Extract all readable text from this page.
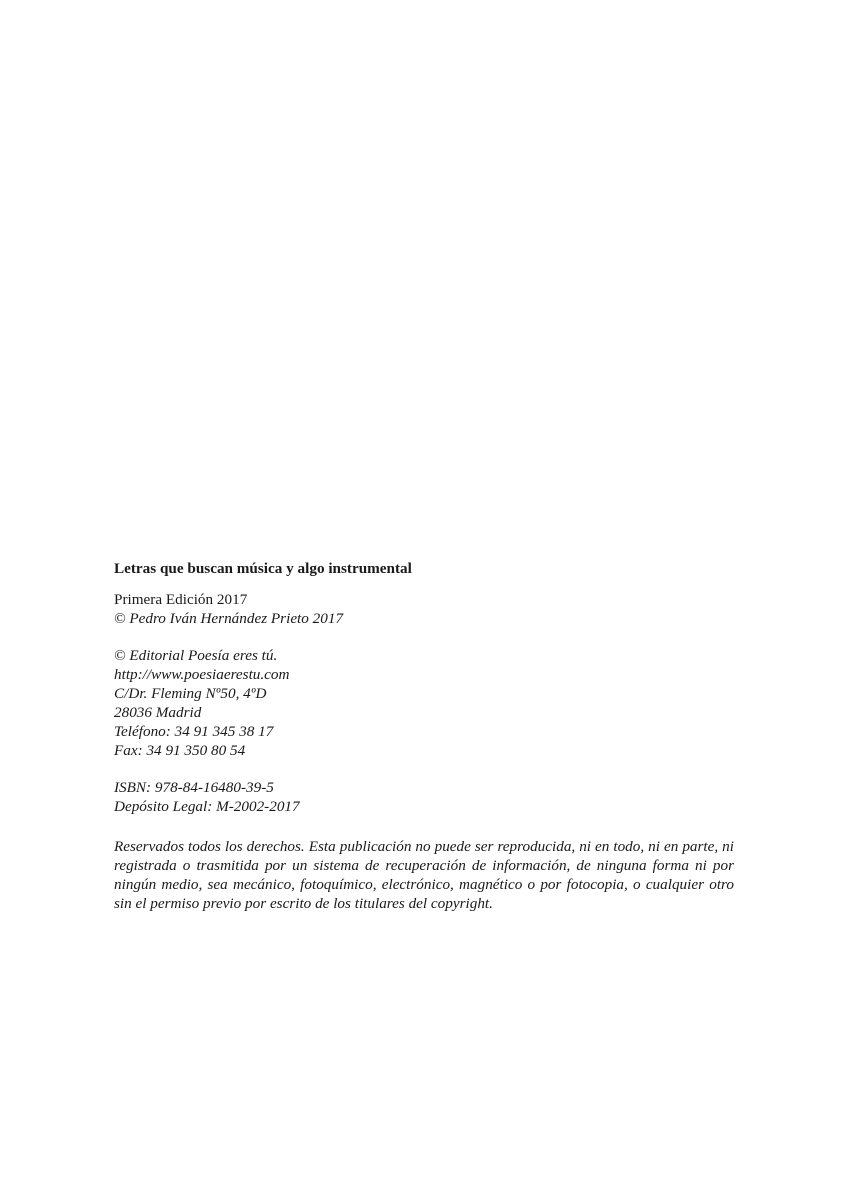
Letras que buscan música y algo instrumental

Primera Edición 2017
© Pedro Iván Hernández Prieto 2017
© Editorial Poesía eres tú.
http://www.poesiaerestu.com
C/Dr. Fleming Nº50, 4ºD
28036 Madrid
Teléfono: 34 91 345 38 17
Fax: 34 91 350 80 54
ISBN: 978-84-16480-39-5
Depósito Legal: M-2002-2017

Reservados todos los derechos. Esta publicación no puede ser reproducida, ni en todo, ni en parte, ni registrada o trasmitida por un sistema de recuperación de información, de ninguna forma ni por ningún medio, sea mecánico, fotoquímico, electrónico, magnético o por fotocopia, o cualquier otro sin el permiso previo por escrito de los titulares del copyright.
